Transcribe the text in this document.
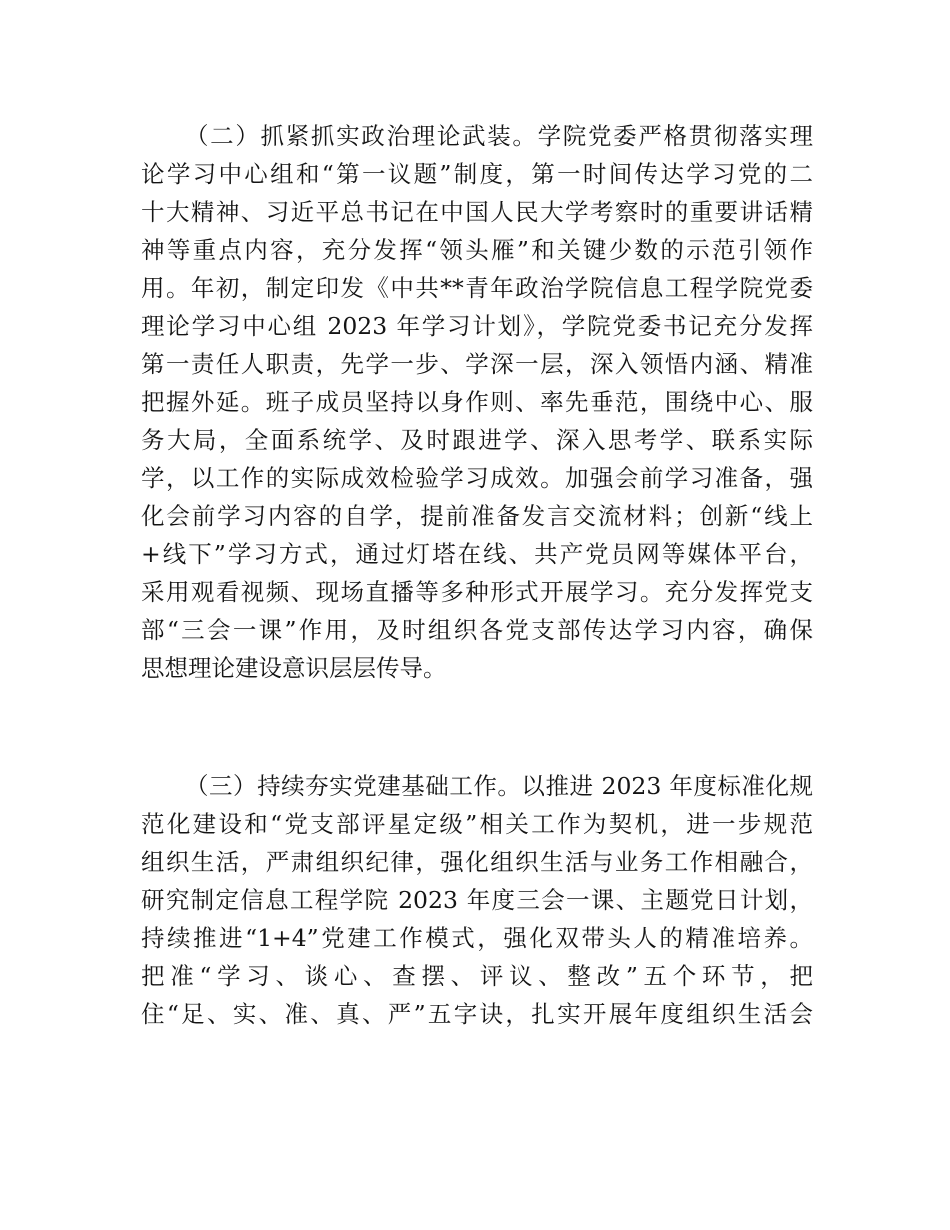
（二）抓紧抓实政治理论武装。学院党委严格贯彻落实理
论学习中心组和“第一议题”制度，第一时间传达学习党的二
十大精神、习近平总书记在中国人民大学考察时的重要讲话精
神等重点内容，充分发挥“领头雁”和关键少数的示范引领作
用。年初，制定印发《中共**青年政治学院信息工程学院党委
理论学习中心组 2023 年学习计划》，学院党委书记充分发挥
第一责任人职责，先学一步、学深一层，深入领悟内涵、精准
把握外延。班子成员坚持以身作则、率先垂范，围绕中心、服
务大局，全面系统学、及时跟进学、深入思考学、联系实际
学，以工作的实际成效检验学习成效。加强会前学习准备，强
化会前学习内容的自学，提前准备发言交流材料；创新“线上
+线下”学习方式，通过灯塔在线、共产党员网等媒体平台，
采用观看视频、现场直播等多种形式开展学习。充分发挥党支
部“三会一课”作用，及时组织各党支部传达学习内容，确保
思想理论建设意识层层传导。
（三）持续夯实党建基础工作。以推进 2023 年度标准化规
范化建设和“党支部评星定级”相关工作为契机，进一步规范
组织生活，严肃组织纪律，强化组织生活与业务工作相融合，
研究制定信息工程学院 2023 年度三会一课、主题党日计划，
持续推进“1+4”党建工作模式，强化双带头人的精准培养。
把准“学习、谈心、查摆、评议、整改”五个环节，把
住“足、实、准、真、严”五字诀，扎实开展年度组织生活会
